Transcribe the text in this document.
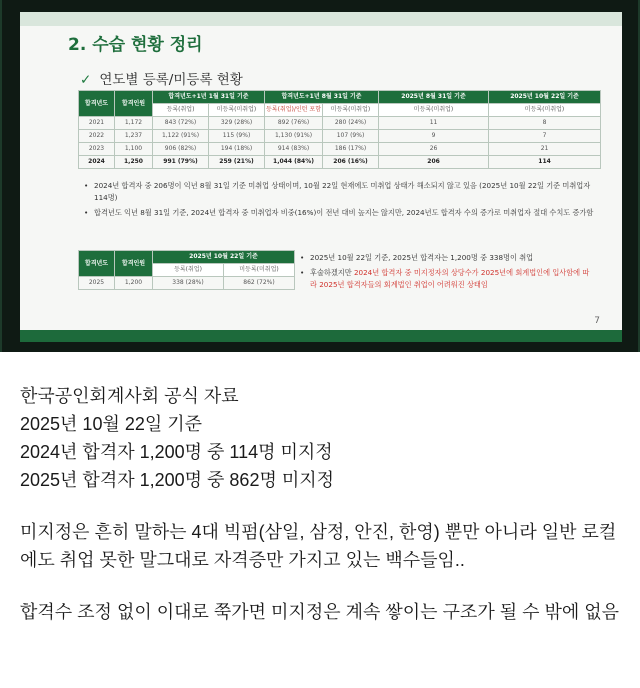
2. 수습 현황 정리
✓ 연도별 등록/미등록 현황
합격년도	합격인원	합격년도+1년 1월 31일 기준		합격년도+1년 8월 31일 기준		2025년 8월 31일 기준	2025년 10월 22일 기준
		등록(취업)	미등록(미취업)	등록(취업)/인턴 포함	미등록(미취업)	미등록(미취업)	미등록(미취업)
2021	1,172	843 (72%)	329 (28%)	892 (76%)	280 (24%)	11	8
2022	1,237	1,122 (91%)	115 (9%)	1,130 (91%)	107 (9%)	9	7
2023	1,100	906 (82%)	194 (18%)	914 (83%)	186 (17%)	26	21
2024	1,250	991 (79%)	259 (21%)	1,044 (84%)	206 (16%)	206	114
• 2024년 합격자 중 206명이 익년 8월 31일 기준 미취업 상태이며, 10월 22일 현재에도 미취업 상태가 해소되지 않고 있음 (2025년 10월 22일 기준 미취업자 114명)
• 합격년도 익년 8월 31일 기준, 2024년 합격자 중 미취업자 비중(16%)이 전년 대비 높지는 않지만, 2024년도 합격자 수의 증가로 미취업자 절대 수치도 증가함
합격년도	합격인원	2025년 10월 22일 기준	
		등록(취업)	미등록(미취업)
2025	1,200	338 (28%)	862 (72%)
• 2025년 10월 22일 기준, 2025년 합격자는 1,200명 중 338명이 취업
• 후술하겠지만 2024년 합격자 중 미지정자의 상당수가 2025년에 회계법인에 입사함에 따라 2025년 합격자들의 회계법인 취업이 어려워진 상태임
7

한국공인회계사회 공식 자료

2025년 10월 22일 기준

2024년 합격자 1,200명 중 114명 미지정

2025년 합격자 1,200명 중 862명 미지정

미지정은 흔히 말하는 4대 빅펌(삼일, 삼정, 안진, 한영) 뿐만 아니라 일반 로컬에도 취업 못한 말그대로 자격증만 가지고 있는 백수들임..

합격수 조정 없이 이대로 쭉가면 미지정은 계속 쌓이는 구조가 될 수 밖에 없음
